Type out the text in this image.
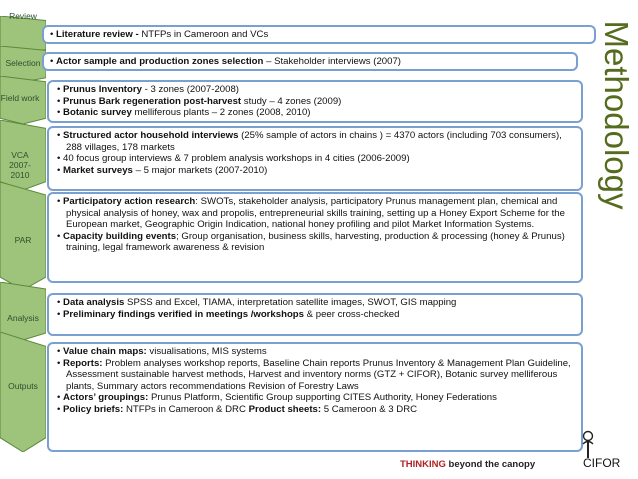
Review
• Literature review - NTFPs in Cameroon and VCs
Selection
•	Actor sample and production zones selection – Stakeholder interviews (2007)
Field work
• Prunus Inventory - 3 zones (2007-2008)
• Prunus Bark regeneration post-harvest study – 4 zones (2009)
• Botanic survey melliferous plants – 2 zones (2008, 2010)
VCA 2007-2010
• Structured actor household interviews (25% sample of actors in chains ) = 4370 actors (including 703 consumers), 288 villages, 178 markets
• 40 focus group interviews & 7 problem analysis workshops in 4 cities (2006-2009)
• Market surveys – 5 major markets (2007-2010)
PAR
• Participatory action research: SWOTs, stakeholder analysis, participatory Prunus management plan, chemical and physical analysis of honey, wax and propolis, entrepreneurial skills training, setting up a Honey Export Scheme for the European market, Geographic Origin Indication, national honey profiling and pilot Market Information Systems.
• Capacity building events; Group organisation, business skills, harvesting, production & processing (honey & Prunus) training, legal framework awareness & revision
Analysis
• Data analysis SPSS and Excel, TIAMA, interpretation satellite images, SWOT, GIS mapping
• Preliminary findings verified in meetings /workshops & peer cross-checked
Outputs
• Value chain maps: visualisations, MIS systems
• Reports: Problem analyses workshop reports, Baseline Chain reports Prunus Inventory & Management Plan Guideline, Assessment sustainable harvest methods, Harvest and inventory norms (GTZ + CIFOR), Botanic survey melliferous plants, Summary actors recommendations Revision of Forestry Laws
• Actors’ groupings: Prunus Platform, Scientific Group supporting CITES Authority, Honey Federations
• Policy briefs: NTFPs in Cameroon & DRC Product sheets: 5 Cameroon & 3 DRC
Methodology
THINKING beyond the canopy	CIFOR
